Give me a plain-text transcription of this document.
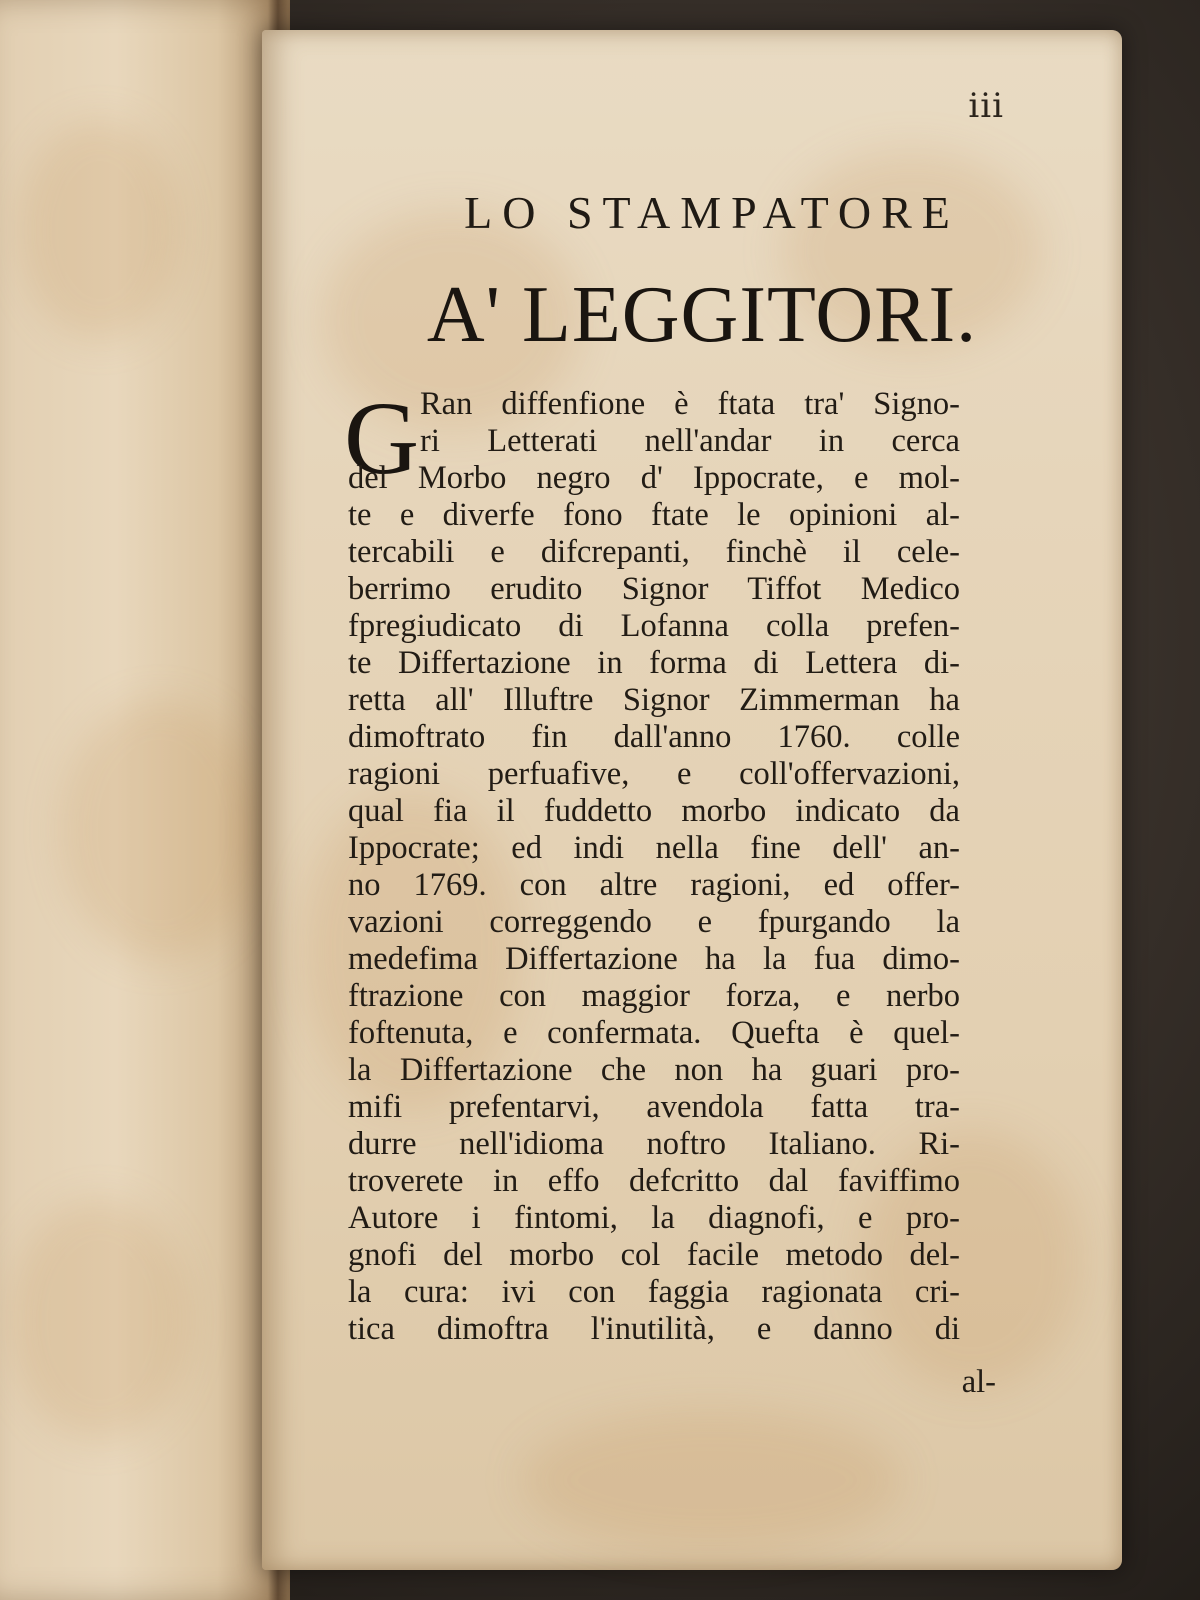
iii
LO STAMPATORE
A' LEGGITORI.
G Ran diffenfione è ftata tra' Signo-
ri Letterati nell'andar in cerca
del Morbo negro d' Ippocrate, e mol-
te e diverfe fono ftate le opinioni al-
tercabili e difcrepanti, finchè il cele-
berrimo erudito Signor Tiffot Medico
fpregiudicato di Lofanna colla prefen-
te Differtazione in forma di Lettera di-
retta all' Illuftre Signor Zimmerman ha
dimoftrato fin dall'anno 1760. colle
ragioni perfuafive, e coll'offervazioni,
qual fia il fuddetto morbo indicato da
Ippocrate; ed indi nella fine dell' an-
no 1769. con altre ragioni, ed offer-
vazioni correggendo e fpurgando la
medefima Differtazione ha la fua dimo-
ftrazione con maggior forza, e nerbo
foftenuta, e confermata. Quefta è quel-
la Differtazione che non ha guari pro-
mifi prefentarvi, avendola fatta tra-
durre nell'idioma noftro Italiano. Ri-
troverete in effo defcritto dal faviffimo
Autore i fintomi, la diagnofi, e pro-
gnofi del morbo col facile metodo del-
la cura: ivi con faggia ragionata cri-
tica dimoftra l'inutilità, e danno di
al-
